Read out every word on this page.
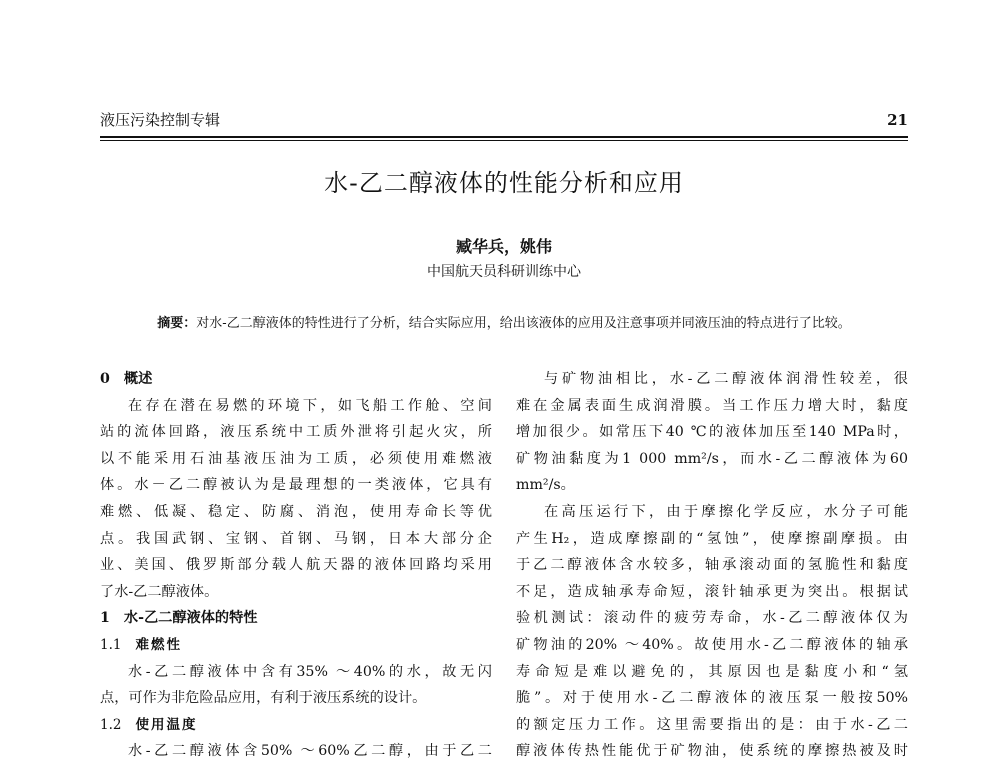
液压污染控制专辑	21
水-乙二醇液体的性能分析和应用
臧华兵，姚伟
中国航天员科研训练中心
摘要：对水-乙二醇液体的特性进行了分析，结合实际应用，给出该液体的应用及注意事项并同液压油的特点进行了比较。
0 概述
在存在潜在易燃的环境下，如飞船工作舱、空间
站的流体回路，液压系统中工质外泄将引起火灾，所
以不能采用石油基液压油为工质，必须使用难燃液
体。水－乙二醇被认为是最理想的一类液体，它具有
难燃、低凝、稳定、防腐、消泡，使用寿命长等优
点。我国武钢、宝钢、首钢、马钢，日本大部分企
业、美国、俄罗斯部分载人航天器的液体回路均采用
了水-乙二醇液体。
1 水-乙二醇液体的特性
1.1 难燃性
水-乙二醇液体中含有35% ～40%的水，故无闪
点，可作为非危险品应用，有利于液压系统的设计。
1.2 使用温度
水-乙二醇液体含50% ～60%乙二醇，由于乙二
与矿物油相比，水-乙二醇液体润滑性较差，很
难在金属表面生成润滑膜。当工作压力增大时，黏度
增加很少。如常压下40 ℃的液体加压至140 MPa时，
矿物油黏度为1 000 mm²/s，而水-乙二醇液体为60
mm²/s。
在高压运行下，由于摩擦化学反应，水分子可能
产生H₂，造成摩擦副的“氢蚀”，使摩擦副摩损。由
于乙二醇液体含水较多，轴承滚动面的氢脆性和黏度
不足，造成轴承寿命短，滚针轴承更为突出。根据试
验机测试：滚动件的疲劳寿命，水-乙二醇液体仅为
矿物油的20% ～40%。故使用水-乙二醇液体的轴承
寿命短是难以避免的，其原因也是黏度小和“氢
脆”。对于使用水-乙二醇液体的液压泵一般按50%
的额定压力工作。这里需要指出的是：由于水-乙二
醇液体传热性能优于矿物油，使系统的摩擦热被及时
